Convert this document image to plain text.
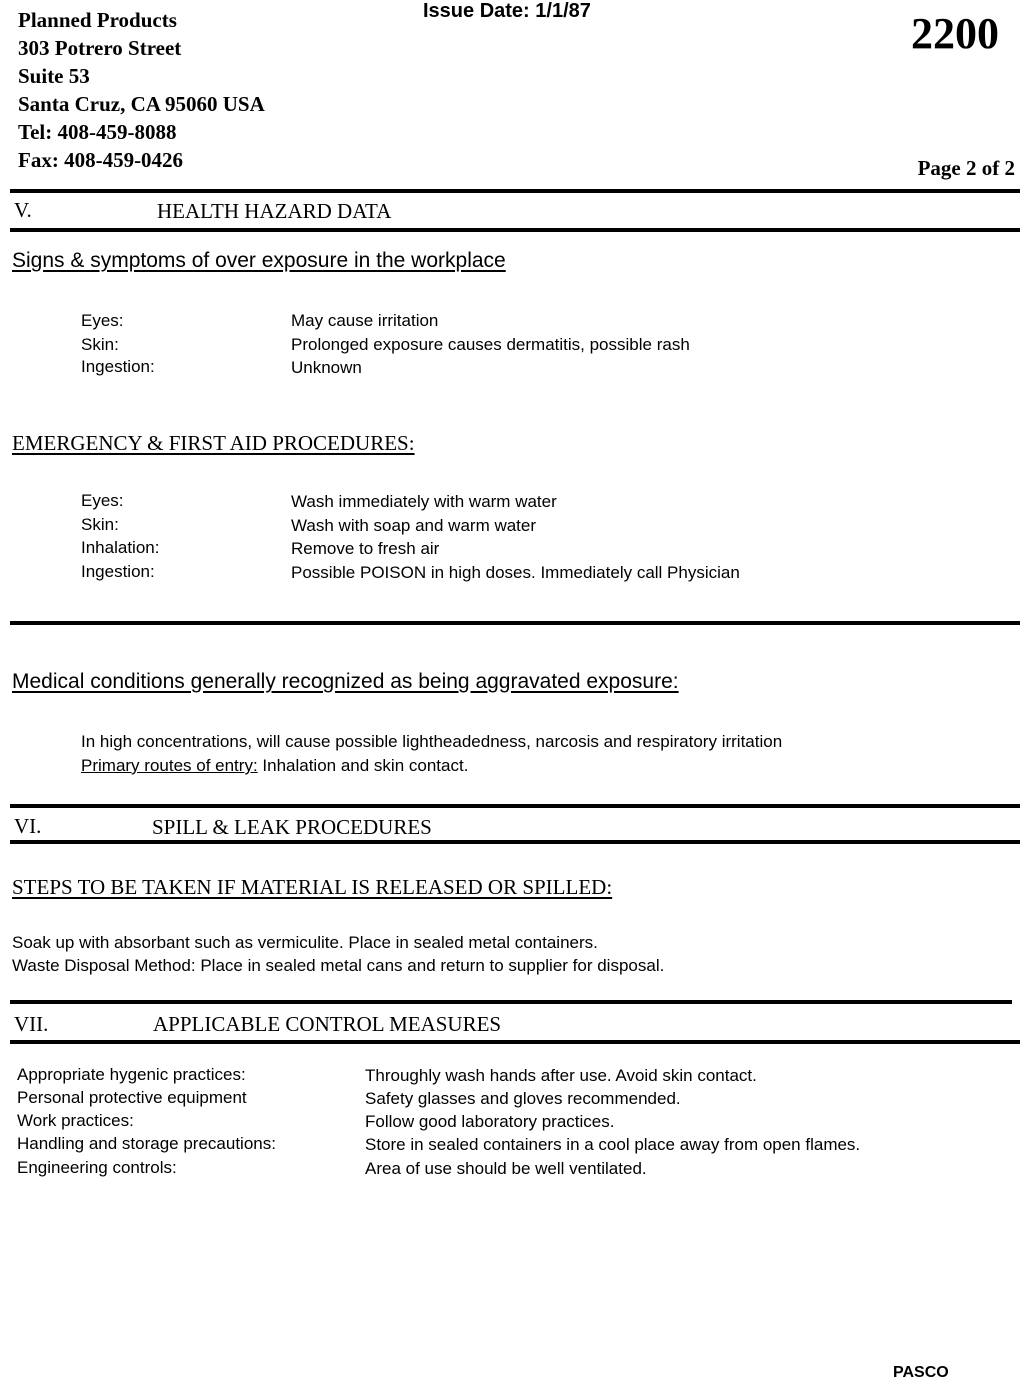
Planned Products
303 Potrero Street
Suite 53
Santa Cruz, CA 95060 USA
Tel: 408-459-8088
Fax: 408-459-0426
Issue Date: 1/1/87	2200
Page 2 of 2
V.	HEALTH HAZARD DATA
Signs & symptoms of over exposure in the workplace
Eyes:	May cause irritation
Skin:	Prolonged exposure causes dermatitis, possible rash
Ingestion:	Unknown
EMERGENCY & FIRST AID PROCEDURES:
Eyes:	Wash immediately with warm water
Skin:	Wash with soap and warm water
Inhalation:	Remove to fresh air
Ingestion:	Possible POISON in high doses. Immediately call Physician
Medical conditions generally recognized as being aggravated exposure:
In high concentrations, will cause possible lightheadedness, narcosis and respiratory irritation
Primary routes of entry: Inhalation and skin contact.
VI.	SPILL & LEAK PROCEDURES
STEPS TO BE TAKEN IF MATERIAL IS RELEASED OR SPILLED:
Soak up with absorbant such as vermiculite. Place in sealed metal containers.
Waste Disposal Method: Place in sealed metal cans and return to supplier for disposal.
VII.	APPLICABLE CONTROL MEASURES
Appropriate hygenic practices:	Throughly wash hands after use. Avoid skin contact.
Personal protective equipment	Safety glasses and gloves recommended.
Work practices:	Follow good laboratory practices.
Handling and storage precautions:	Store in sealed containers in a cool place away from open flames.
Engineering controls:	Area of use should be well ventilated.
PASCO
